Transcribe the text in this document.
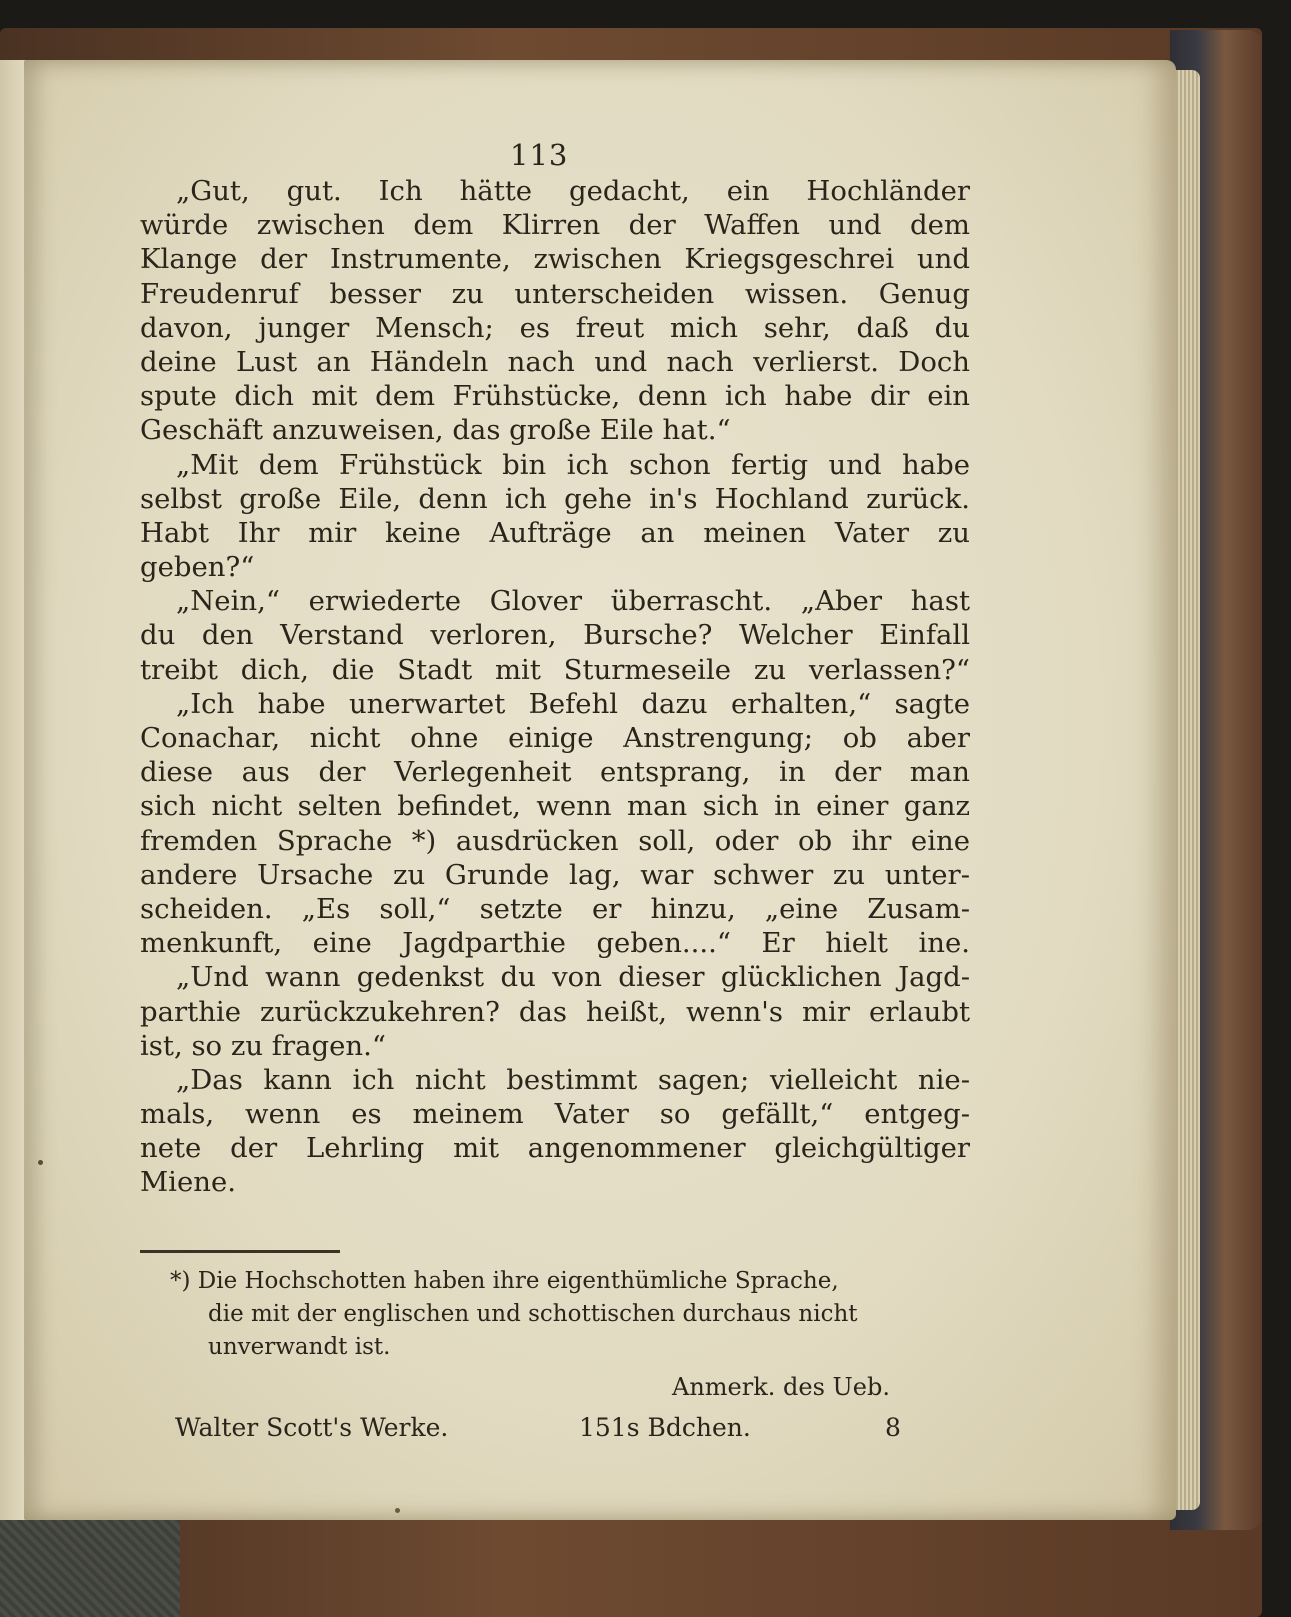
113
„Gut, gut. Ich hätte gedacht, ein Hochländer
würde zwischen dem Klirren der Waffen und dem
Klange der Instrumente, zwischen Kriegsgeschrei und
Freudenruf besser zu unterscheiden wissen. Genug
davon, junger Mensch; es freut mich sehr, daß du
deine Lust an Händeln nach und nach verlierst. Doch
spute dich mit dem Frühstücke, denn ich habe dir ein
Geschäft anzuweisen, das große Eile hat.“
„Mit dem Frühstück bin ich schon fertig und habe
selbst große Eile, denn ich gehe in's Hochland zurück.
Habt Ihr mir keine Aufträge an meinen Vater zu
geben?“
„Nein,“ erwiederte Glover überrascht. „Aber hast
du den Verstand verloren, Bursche? Welcher Einfall
treibt dich, die Stadt mit Sturmeseile zu verlassen?“
„Ich habe unerwartet Befehl dazu erhalten,“ sagte
Conachar, nicht ohne einige Anstrengung; ob aber
diese aus der Verlegenheit entsprang, in der man
sich nicht selten befindet, wenn man sich in einer ganz
fremden Sprache *) ausdrücken soll, oder ob ihr eine
andere Ursache zu Grunde lag, war schwer zu unter-
scheiden. „Es soll,“ setzte er hinzu, „eine Zusam-
menkunft, eine Jagdparthie geben....“ Er hielt ine.
„Und wann gedenkst du von dieser glücklichen Jagd-
parthie zurückzukehren? das heißt, wenn's mir erlaubt
ist, so zu fragen.“
„Das kann ich nicht bestimmt sagen; vielleicht nie-
mals, wenn es meinem Vater so gefällt,“ entgeg-
nete der Lehrling mit angenommener gleichgültiger
Miene.
*) Die Hochschotten haben ihre eigenthümliche Sprache,
die mit der englischen und schottischen durchaus nicht
unverwandt ist.
Anmerk. des Ueb.
Walter Scott's Werke.	151s Bdchen.	8
